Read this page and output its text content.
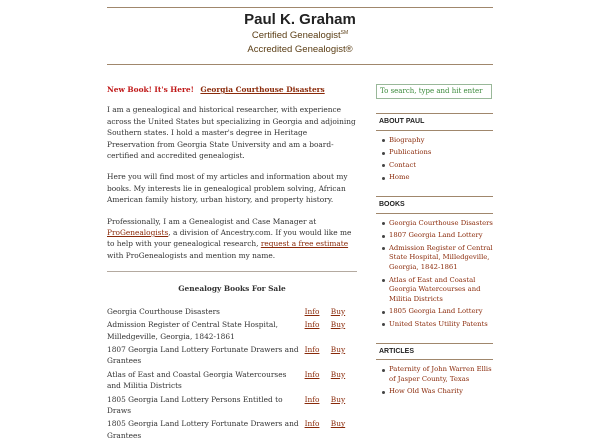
Paul K. Graham
Certified Genealogist℠
Accredited Genealogist®
New Book! It's Here! Georgia Courthouse Disasters

I am a genealogical and historical researcher, with experience across the United States but specializing in Georgia and adjoining Southern states. I hold a master's degree in Heritage Preservation from Georgia State University and am a board-certified and accredited genealogist.

Here you will find most of my articles and information about my books. My interests lie in genealogical problem solving, African American family history, urban history, and property history.

Professionally, I am a Genealogist and Case Manager at ProGenealogists, a division of Ancestry.com. If you would like me to help with your genealogical research, request a free estimate with ProGenealogists and mention my name.

Genealogy Books For Sale
Georgia Courthouse Disasters	Info	Buy
Admission Register of Central State Hospital, Milledgeville, Georgia, 1842-1861	Info	Buy
1807 Georgia Land Lottery Fortunate Drawers and Grantees	Info	Buy
Atlas of East and Coastal Georgia Watercourses and Militia Districts	Info	Buy
1805 Georgia Land Lottery Persons Entitled to Draws	Info	Buy
1805 Georgia Land Lottery Fortunate Drawers and Grantees	Info	Buy
To search, type and hit enter
ABOUT PAUL
Biography
Publications
Contact
Home
BOOKS
Georgia Courthouse Disasters
1807 Georgia Land Lottery
Admission Register of Central State Hospital, Milledgeville, Georgia, 1842-1861
Atlas of East and Coastal Georgia Watercourses and Militia Districts
1805 Georgia Land Lottery
United States Utility Patents
ARTICLES
Paternity of John Warren Ellis of Jasper County, Texas
How Old Was Charity
